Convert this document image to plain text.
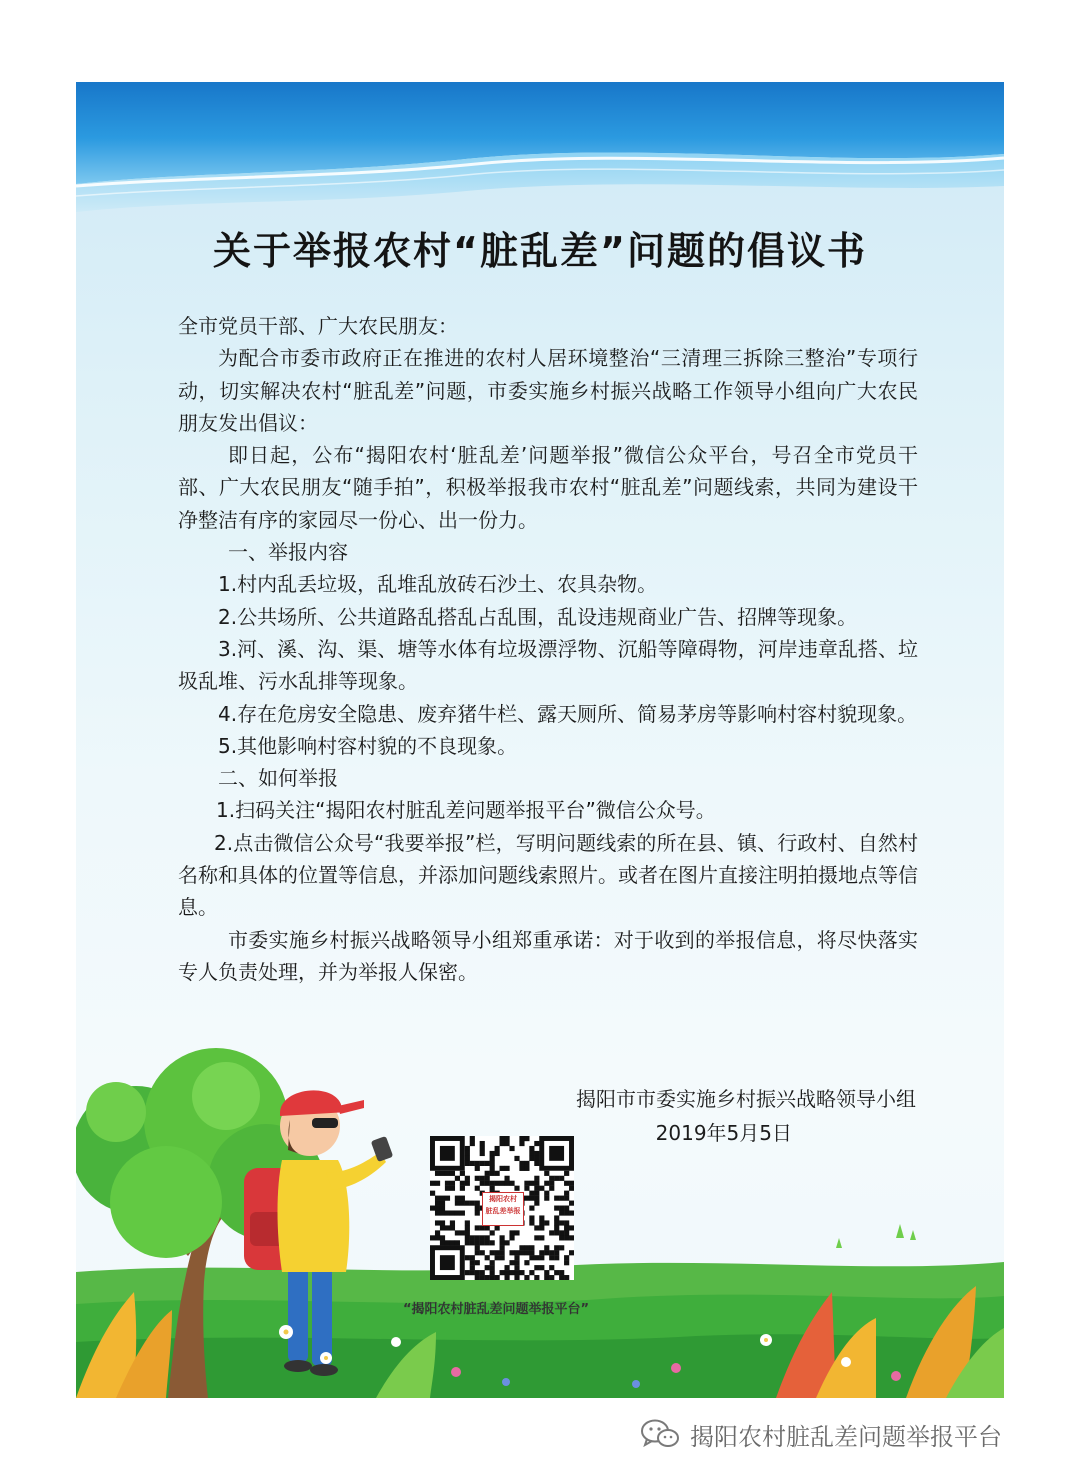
关于举报农村“脏乱差”问题的倡议书

全市党员干部、广大农民朋友：

为配合市委市政府正在推进的农村人居环境整治“三清理三拆除三整治”专项行动，切实解决农村“脏乱差”问题，市委实施乡村振兴战略工作领导小组向广大农民朋友发出倡议：

即日起，公布“揭阳农村‘脏乱差’问题举报”微信公众平台，号召全市党员干部、广大农民朋友“随手拍”，积极举报我市农村“脏乱差”问题线索，共同为建设干净整洁有序的家园尽一份心、出一份力。

一、举报内容

1.村内乱丢垃圾，乱堆乱放砖石沙土、农具杂物。

2.公共场所、公共道路乱搭乱占乱围，乱设违规商业广告、招牌等现象。

3.河、溪、沟、渠、塘等水体有垃圾漂浮物、沉船等障碍物，河岸违章乱搭、垃圾乱堆、污水乱排等现象。

4.存在危房安全隐患、废弃猪牛栏、露天厕所、简易茅房等影响村容村貌现象。

5.其他影响村容村貌的不良现象。

二、如何举报

1.扫码关注“揭阳农村脏乱差问题举报平台”微信公众号。

2.点击微信公众号“我要举报”栏，写明问题线索的所在县、镇、行政村、自然村名称和具体的位置等信息，并添加问题线索照片。或者在图片直接注明拍摄地点等信息。

市委实施乡村振兴战略领导小组郑重承诺：对于收到的举报信息，将尽快落实专人负责处理，并为举报人保密。

揭阳市市委实施乡村振兴战略领导小组

2019年5月5日
揭阳农村
脏乱差举报
“揭阳农村脏乱差问题举报平台”
揭阳农村脏乱差问题举报平台
